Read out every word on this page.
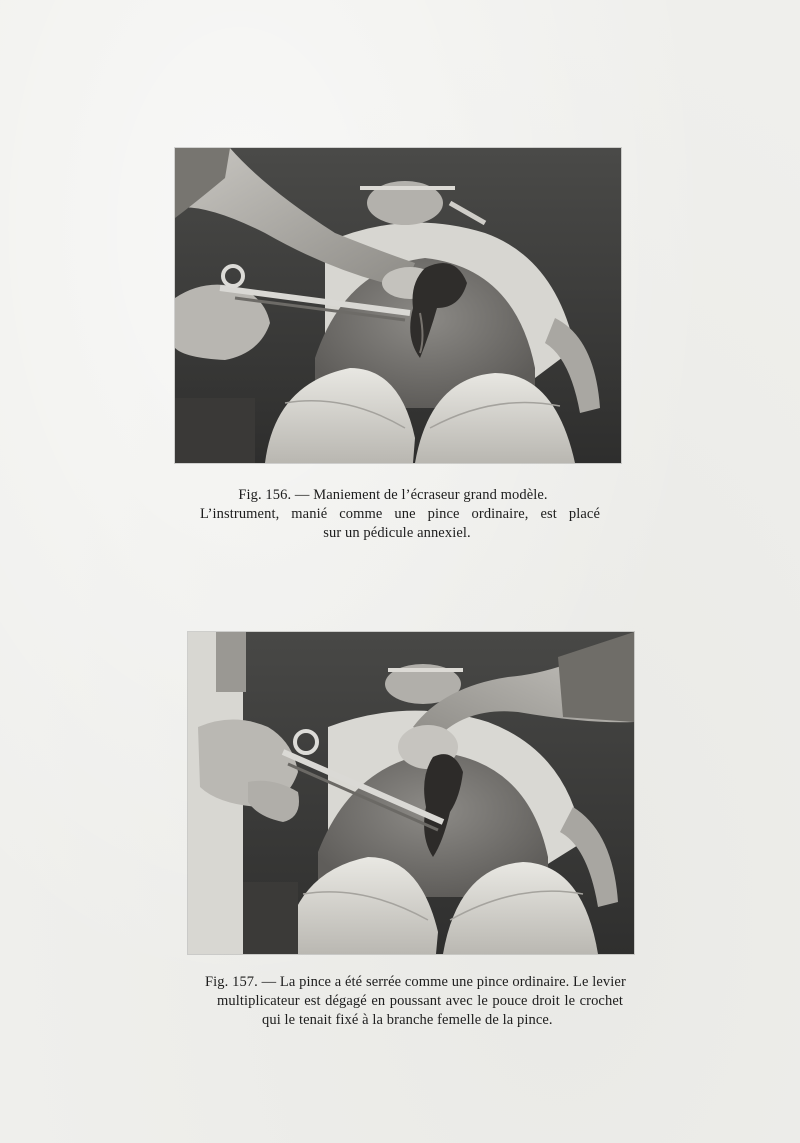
Fig. 156. — Maniement de l’écraseur grand modèle.
L’instrument, manié comme une pince ordinaire, est placé
sur un pédicule annexiel.
Fig. 157. — La pince a été serrée comme une pince ordinaire. Le levier
multiplicateur est dégagé en poussant avec le pouce droit le crochet
qui le tenait fixé à la branche femelle de la pince.
